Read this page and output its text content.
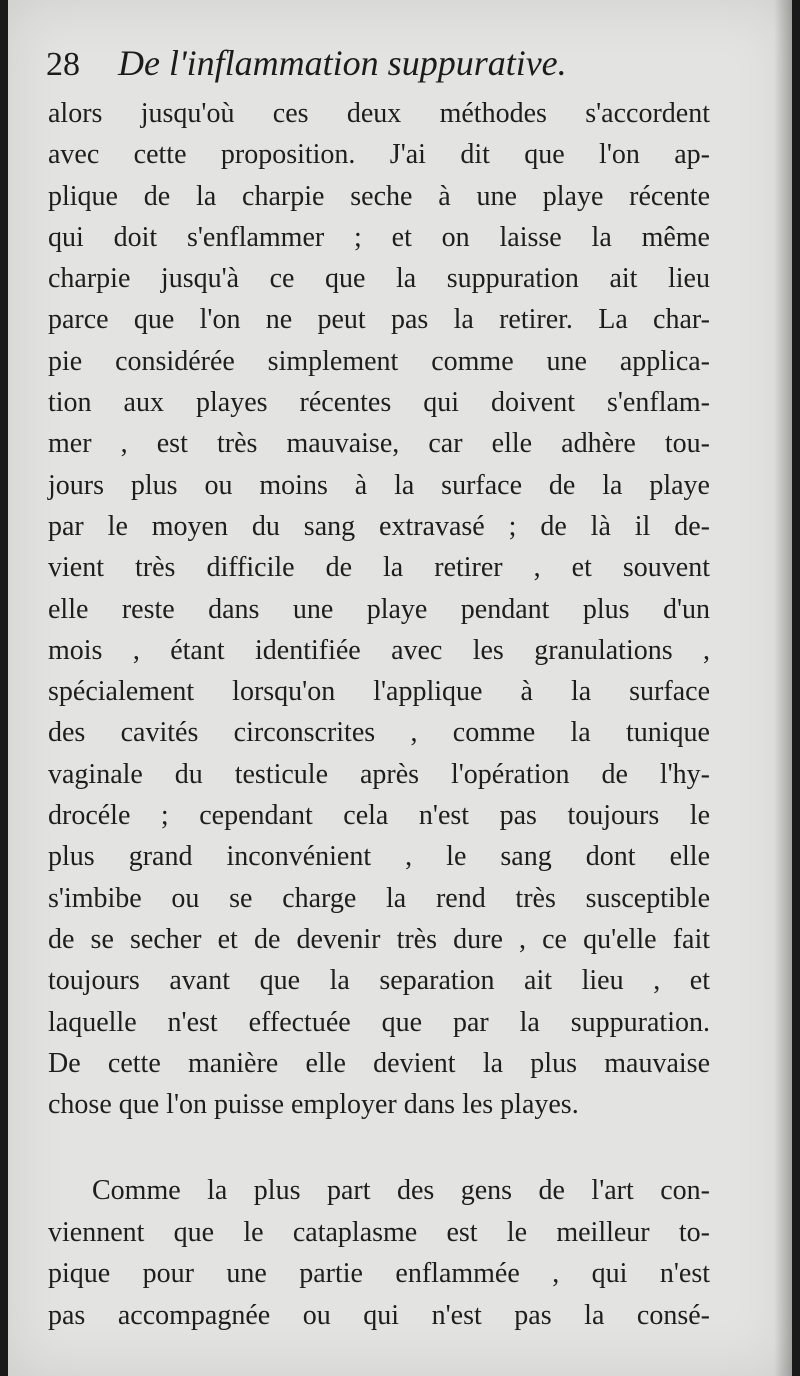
28 De l'inflammation suppurative.
alors jusqu'où ces deux méthodes s'accordent
avec cette proposition. J'ai dit que l'on ap-
plique de la charpie seche à une playe récente
qui doit s'enflammer ; et on laisse la même
charpie jusqu'à ce que la suppuration ait lieu
parce que l'on ne peut pas la retirer. La char-
pie considérée simplement comme une applica-
tion aux playes récentes qui doivent s'enflam-
mer , est très mauvaise, car elle adhère tou-
jours plus ou moins à la surface de la playe
par le moyen du sang extravasé ; de là il de-
vient très difficile de la retirer , et souvent
elle reste dans une playe pendant plus d'un
mois , étant identifiée avec les granulations ,
spécialement lorsqu'on l'applique à la surface
des cavités circonscrites , comme la tunique
vaginale du testicule après l'opération de l'hy-
drocéle ; cependant cela n'est pas toujours le
plus grand inconvénient , le sang dont elle
s'imbibe ou se charge la rend très susceptible
de se secher et de devenir très dure , ce qu'elle fait
toujours avant que la separation ait lieu , et
laquelle n'est effectuée que par la suppuration.
De cette manière elle devient la plus mauvaise
chose que l'on puisse employer dans les playes.
Comme la plus part des gens de l'art con-
viennent que le cataplasme est le meilleur to-
pique pour une partie enflammée , qui n'est
pas accompagnée ou qui n'est pas la consé-
